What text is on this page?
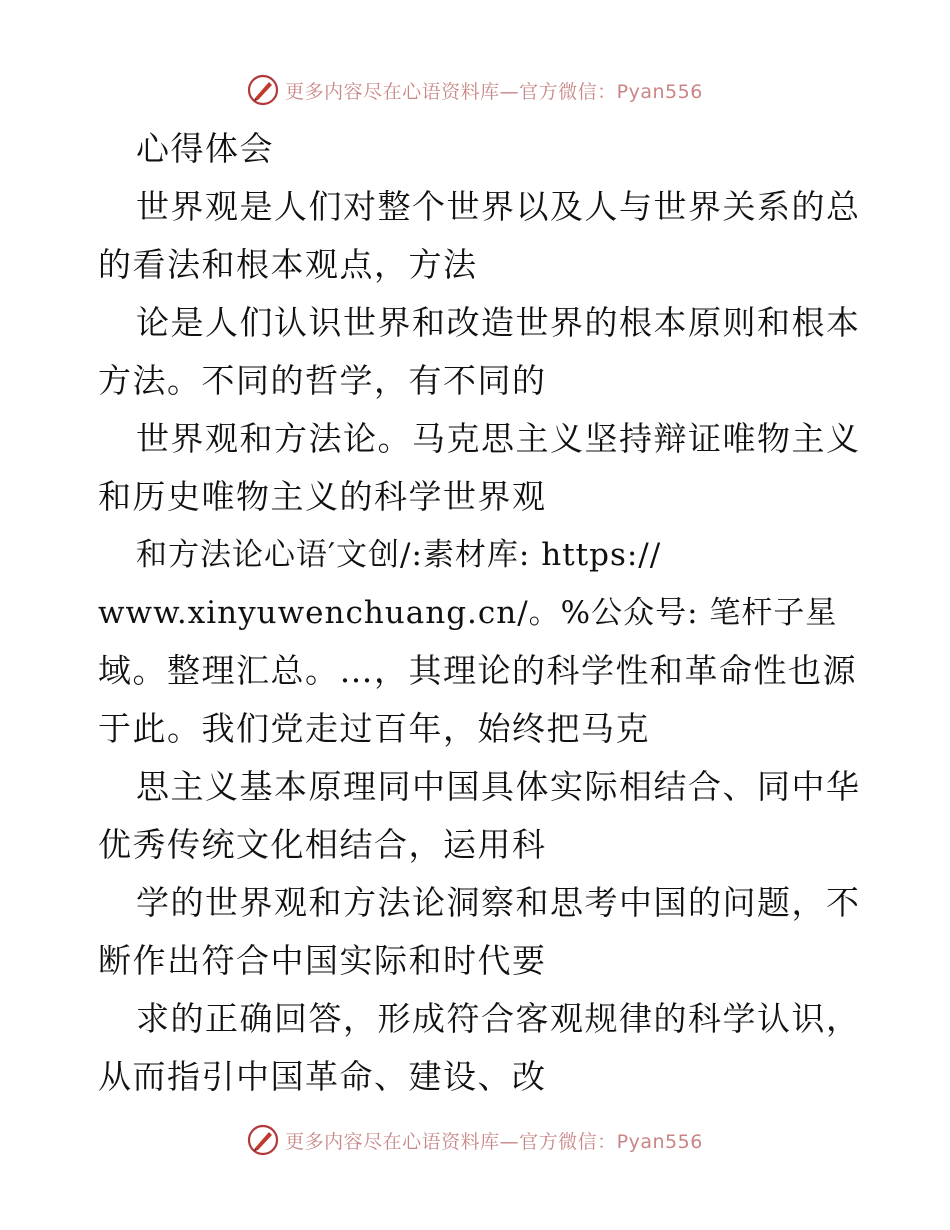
更多内容尽在心语资料库—官方微信：Pyan556
心得体会
世界观是人们对整个世界以及人与世界关系的总
的看法和根本观点，方法
论是人们认识世界和改造世界的根本原则和根本
方法。不同的哲学，有不同的
世界观和方法论。马克思主义坚持辩证唯物主义
和历史唯物主义的科学世界观
和方法论心语′文创/:素材库: https://
www.xinyuwenchuang.cn/。%公众号: 笔杆子星
域。整理汇总。…，其理论的科学性和革命性也源
于此。我们党走过百年，始终把马克
思主义基本原理同中国具体实际相结合、同中华
优秀传统文化相结合，运用科
学的世界观和方法论洞察和思考中国的问题，不
断作出符合中国实际和时代要
求的正确回答，形成符合客观规律的科学认识，
从而指引中国革命、建设、改
更多内容尽在心语资料库—官方微信：Pyan556
